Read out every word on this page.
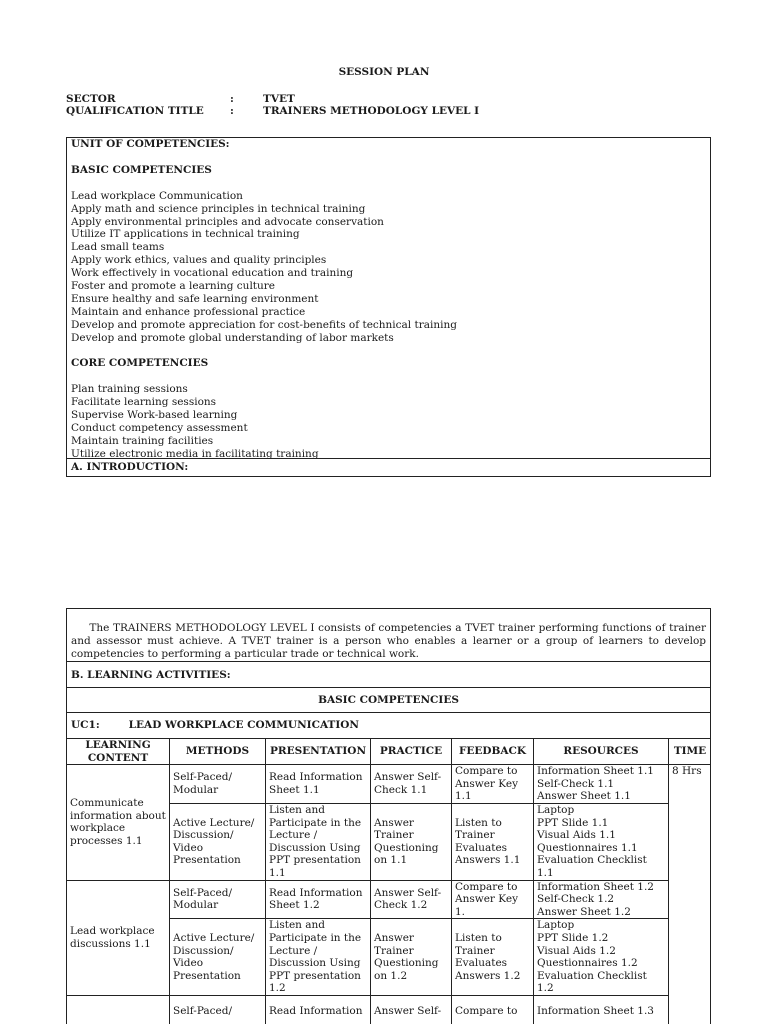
SESSION PLAN
SECTOR	:	TVET
QUALIFICATION TITLE :	TRAINERS METHODOLOGY LEVEL I
UNIT OF COMPETENCIES:
BASIC COMPETENCIES
Lead workplace Communication
Apply math and science principles in technical training
Apply environmental principles and advocate conservation
Utilize IT applications in technical training
Lead small teams
Apply work ethics, values and quality principles
Work effectively in vocational education and training
Foster and promote a learning culture
Ensure healthy and safe learning environment
Maintain and enhance professional practice
Develop and promote appreciation for cost-benefits of technical training
Develop and promote global understanding of labor markets
CORE COMPETENCIES
Plan training sessions
Facilitate learning sessions
Supervise Work-based learning
Conduct competency assessment
Maintain training facilities
Utilize electronic media in facilitating training
A. INTRODUCTION:
The TRAINERS METHODOLOGY LEVEL I consists of competencies a TVET trainer performing functions of trainer
and assessor must achieve. A TVET trainer is a person who enables a learner or a group of learners to develop
competencies to performing a particular trade or technical work.
B. LEARNING ACTIVITIES:
BASIC COMPETENCIES
UC1:	LEAD WORKPLACE COMMUNICATION
LEARNING CONTENT	METHODS	PRESENTATION	PRACTICE	FEEDBACK	RESOURCES	TIME
Communicate information about workplace processes 1.1	Self-Paced/ Modular	Read Information Sheet 1.1	Answer Self-Check 1.1	Compare to Answer Key 1.1	Information Sheet 1.1
Self-Check 1.1
Answer Sheet 1.1	8 Hrs
	Active Lecture/ Discussion/ Video Presentation	Listen and Participate in the Lecture / Discussion Using PPT presentation 1.1	Answer Trainer Questioning on 1.1	Listen to Trainer Evaluates Answers 1.1	Laptop
PPT Slide 1.1
Visual Aids 1.1
Questionnaires 1.1
Evaluation Checklist 1.1	

Lead workplace discussions 1.1	Self-Paced/ Modular	Read Information Sheet 1.2	Answer Self-Check 1.2	Compare to Answer Key 1.	Information Sheet 1.2
Self-Check 1.2
Answer Sheet 1.2	

	Active Lecture/ Discussion/ Video Presentation	Listen and Participate in the Lecture / Discussion Using PPT presentation 1.2	Answer Trainer Questioning on 1.2	Listen to Trainer Evaluates Answers 1.2	Laptop
PPT Slide 1.2
Visual Aids 1.2
Questionnaires 1.2
Evaluation Checklist 1.2	

	Self-Paced/	Read Information	Answer Self-	Compare to	Information Sheet 1.3	
